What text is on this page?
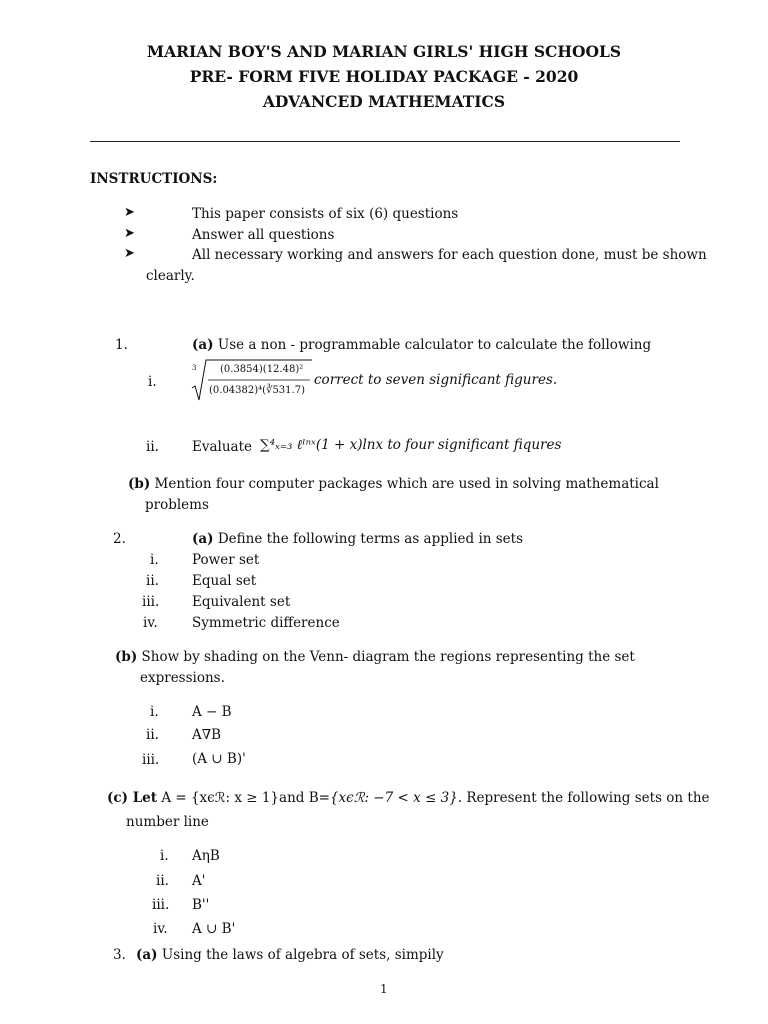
MARIAN BOY'S AND MARIAN GIRLS' HIGH SCHOOLS
PRE- FORM FIVE HOLIDAY PACKAGE - 2020
ADVANCED MATHEMATICS
INSTRUCTIONS:
➤	This paper consists of six (6) questions
➤	Answer all questions
➤	All necessary working and answers for each question done, must be shown
clearly.
1.	(a) Use a non - programmable calculator to calculate the following
i.
3 (0.3854)(12.48)²
(0.04382)⁴(∛531.7)
correct to seven significant figures.
ii. Evaluate ∑⁴ₓ₌₃ ℓˡⁿˣ(1 + x)lnx to four significant fiqures
(b) Mention four computer packages which are used in solving mathematical
problems
2.	(a) Define the following terms as applied in sets
i. Power set
ii. Equal set
iii. Equivalent set
iv.	Symmetric difference
(b) Show by shading on the Venn- diagram the regions representing the set
expressions.
i. A − B
ii. A∇B
iii. (A ∪ B)'
(c) Let A = {xϵℛ: x ≥ 1}and B={xϵℛ: −7 < x ≤ 3}. Represent the following sets on the
number line
i. AηB
ii. A'
iii. B''
iv. A ∪ B'
3. (a) Using the laws of algebra of sets, simpily
1
